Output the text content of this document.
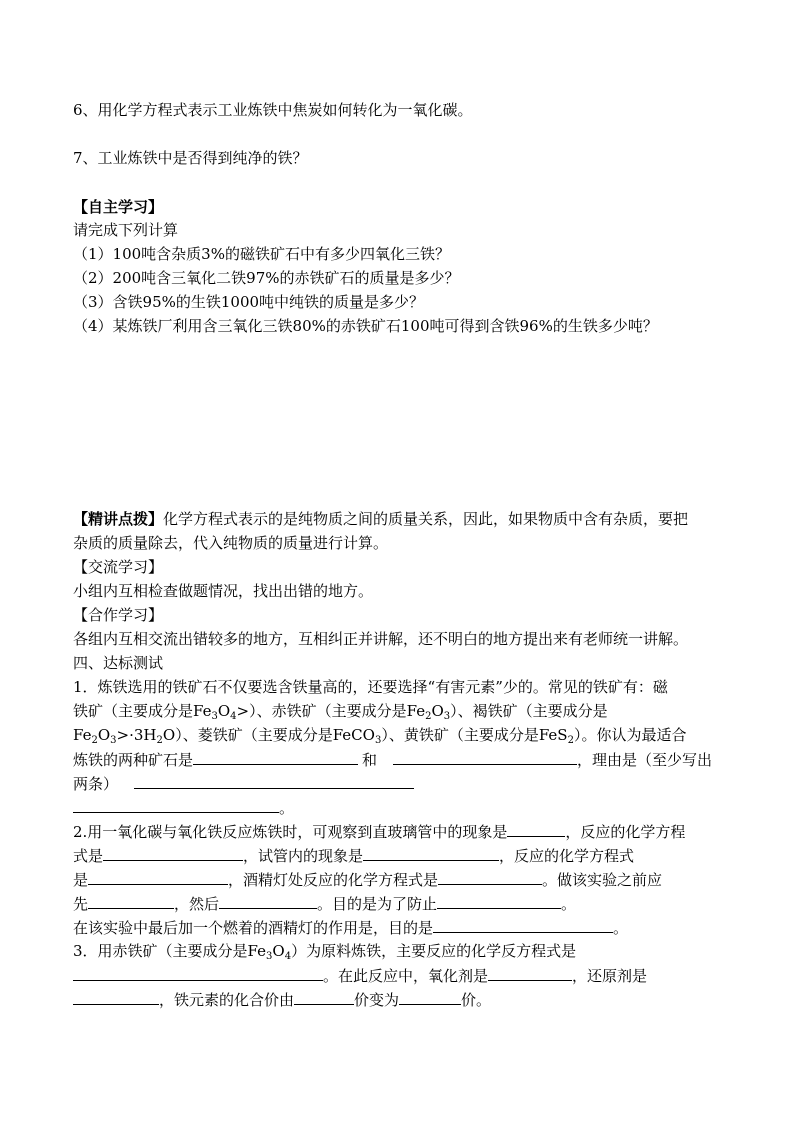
6、用化学方程式表示工业炼铁中焦炭如何转化为一氧化碳。
7、工业炼铁中是否得到纯净的铁？
【自主学习】
请完成下列计算
（1）100吨含杂质3%的磁铁矿石中有多少四氧化三铁？
（2）200吨含三氧化二铁97%的赤铁矿石的质量是多少？
（3）含铁95%的生铁1000吨中纯铁的质量是多少？
（4）某炼铁厂利用含三氧化三铁80%的赤铁矿石100吨可得到含铁96%的生铁多少吨？
【精讲点拨】化学方程式表示的是纯物质之间的质量关系，因此，如果物质中含有杂质，要把
杂质的质量除去，代入纯物质的质量进行计算。
【交流学习】
小组内互相检查做题情况，找出出错的地方。
【合作学习】
各组内互相交流出错较多的地方，互相纠正并讲解，还不明白的地方提出来有老师统一讲解。
四、达标测试
1．炼铁选用的铁矿石不仅要选含铁量高的，还要选择“有害元素”少的。常见的铁矿有：磁
铁矿（主要成分是$Fe_3O_4>$）、赤铁矿（主要成分是$Fe_2O_3$）、褐铁矿（主要成分是
$Fe_2O_3>\cdot 3H_2O$）、菱铁矿（主要成分是FeCO$_3$）、黄铁矿（主要成分是FeS$_2$）。你认为最适合
炼铁的两种矿石是	和	，理由是（至少写出
两条）
。
2.用一氧化碳与氧化铁反应炼铁时，可观察到直玻璃管中的现象是	，反应的化学方程
式是	，试管内的现象是	，反应的化学方程式
是	，酒精灯处反应的化学方程式是	。做该实验之前应
先	，然后	。目的是为了防止	。
在该实验中最后加一个燃着的酒精灯的作用是，目的是	。
3．用赤铁矿（主要成分是$Fe_3O_4$）为原料炼铁，主要反应的化学反方程式是
。在此反应中，氧化剂是	，还原剂是
，铁元素的化合价由	价变为	价。
